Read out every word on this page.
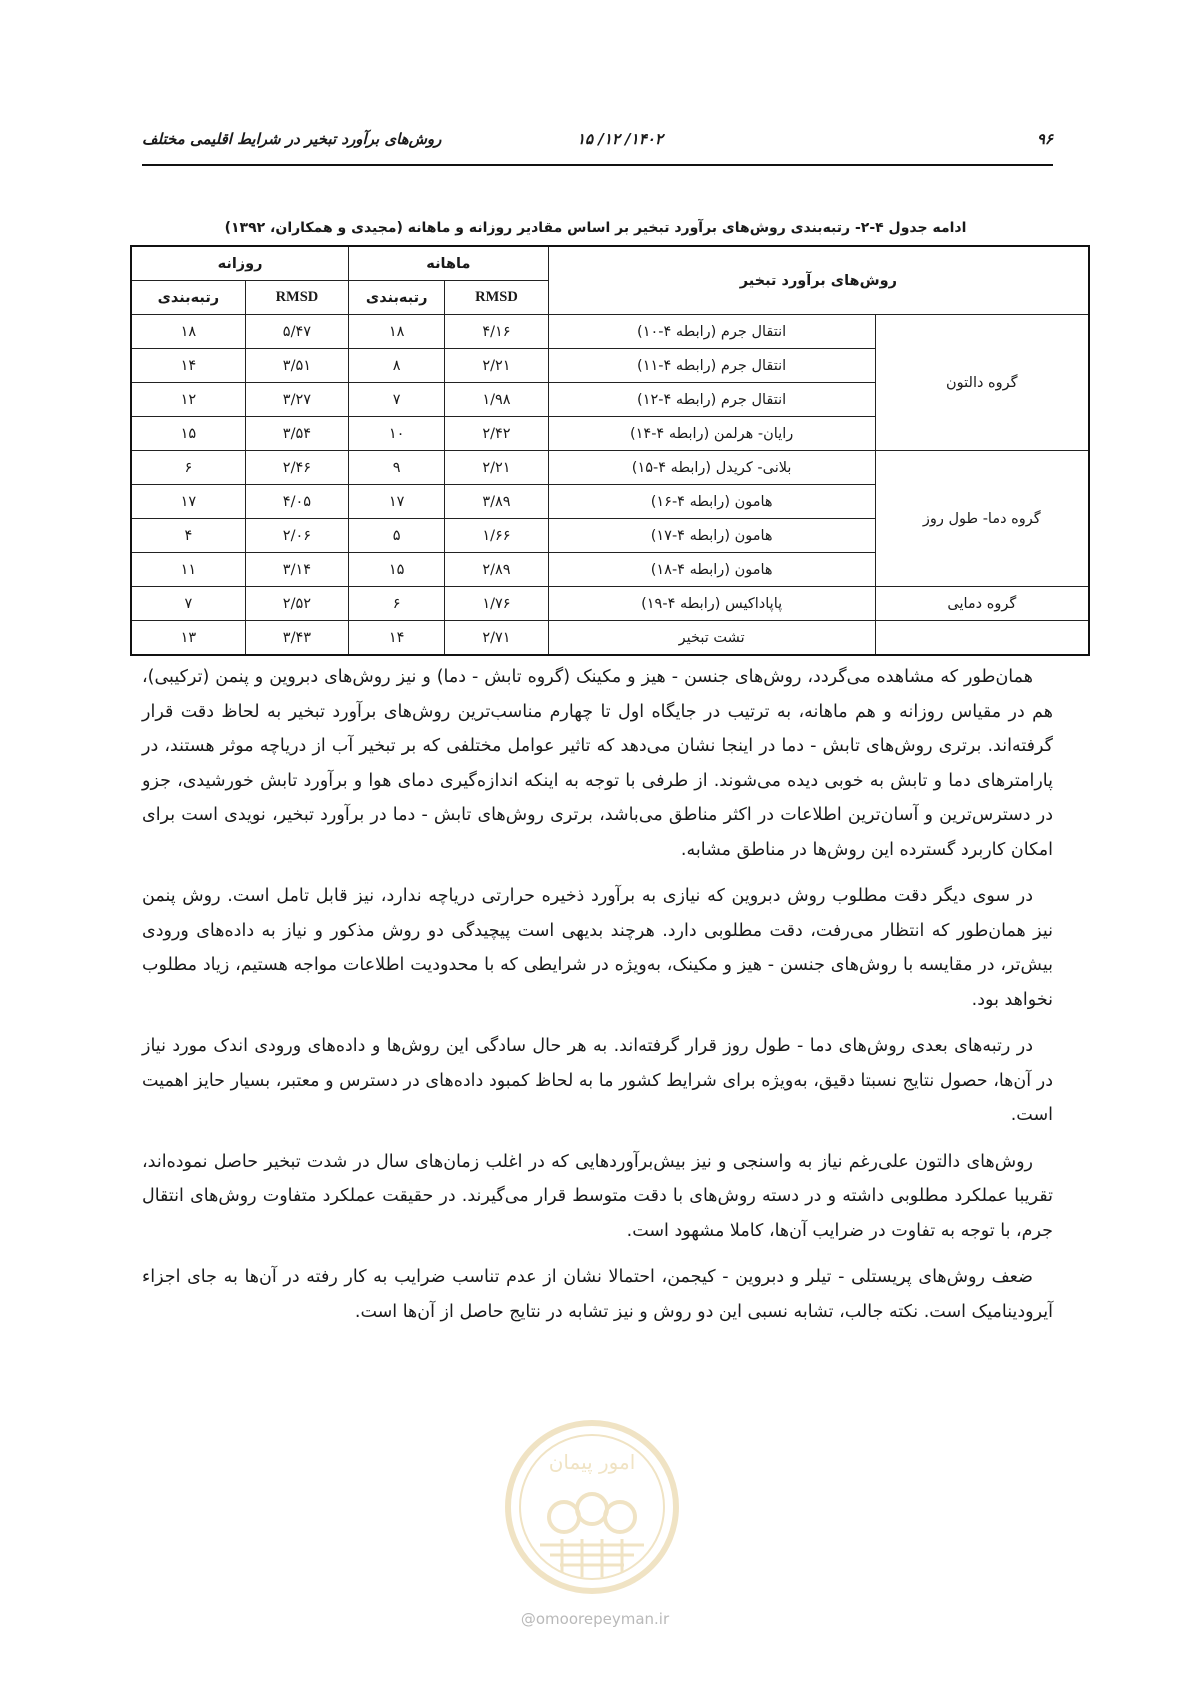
۹۶
۱۴۰۲/ ۱۲/ ۱۵
روش‌های برآورد تبخیر در شرایط اقلیمی مختلف
ادامه جدول ۴-۲- رتبه‌بندی روش‌های برآورد تبخیر بر اساس مقادیر روزانه و ماهانه (مجیدی و همکاران، ۱۳۹۲)
روش‌های برآورد تبخیر		ماهانه		روزانه	
		RMSD	رتبه‌بندی	RMSD	رتبه‌بندی
گروه دالتون	انتقال جرم (رابطه ۴-۱۰)	۴/۱۶	۱۸	۵/۴۷	۱۸
	انتقال جرم (رابطه ۴-۱۱)	۲/۲۱	۸	۳/۵۱	۱۴
	انتقال جرم (رابطه ۴-۱۲)	۱/۹۸	۷	۳/۲۷	۱۲
	رایان- هرلمن (رابطه ۴-۱۴)	۲/۴۲	۱۰	۳/۵۴	۱۵
گروه دما- طول روز	بلانی- کریدل (رابطه ۴-۱۵)	۲/۲۱	۹	۲/۴۶	۶
	هامون (رابطه ۴-۱۶)	۳/۸۹	۱۷	۴/۰۵	۱۷
	هامون (رابطه ۴-۱۷)	۱/۶۶	۵	۲/۰۶	۴
	هامون (رابطه ۴-۱۸)	۲/۸۹	۱۵	۳/۱۴	۱۱
گروه دمایی	پاپاداکیس (رابطه ۴-۱۹)	۱/۷۶	۶	۲/۵۲	۷
	تشت تبخیر	۲/۷۱	۱۴	۳/۴۳	۱۳

همان‌طور که مشاهده می‌گردد، روش‌های جنسن - هیز و مکینک (گروه تابش - دما) و نیز روش‌های دبروین و پنمن (ترکیبی)، هم در مقیاس روزانه و هم ماهانه، به ترتیب در جایگاه اول تا چهارم مناسب‌ترین روش‌های برآورد تبخیر به لحاظ دقت قرار گرفته‌اند. برتری روش‌های تابش - دما در اینجا نشان می‌دهد که تاثیر عوامل مختلفی که بر تبخیر آب از دریاچه موثر هستند، در پارامترهای دما و تابش به خوبی دیده می‌شوند. از طرفی با توجه به اینکه اندازه‌گیری دمای هوا و برآورد تابش خورشیدی، جزو در دسترس‌ترین و آسان‌ترین اطلاعات در اکثر مناطق می‌باشد، برتری روش‌های تابش - دما در برآورد تبخیر، نویدی است برای امکان کاربرد گسترده این روش‌ها در مناطق مشابه.

در سوی دیگر دقت مطلوب روش دبروین که نیازی به برآورد ذخیره حرارتی دریاچه ندارد، نیز قابل تامل است. روش پنمن نیز همان‌طور که انتظار می‌رفت، دقت مطلوبی دارد. هرچند بدیهی است پیچیدگی دو روش مذکور و نیاز به داده‌های ورودی بیش‌تر، در مقایسه با روش‌های جنسن - هیز و مکینک، به‌ویژه در شرایطی که با محدودیت اطلاعات مواجه هستیم، زیاد مطلوب نخواهد بود.

در رتبه‌های بعدی روش‌های دما - طول روز قرار گرفته‌اند. به هر حال سادگی این روش‌ها و داده‌های ورودی اندک مورد نیاز در آن‌ها، حصول نتایج نسبتا دقیق، به‌ویژه برای شرایط کشور ما به لحاظ کمبود داده‌های در دسترس و معتبر، بسیار حایز اهمیت است.

روش‌های دالتون علی‌رغم نیاز به واسنجی و نیز بیش‌برآوردهایی که در اغلب زمان‌های سال در شدت تبخیر حاصل نموده‌اند، تقریبا عملکرد مطلوبی داشته و در دسته روش‌های با دقت متوسط قرار می‌گیرند. در حقیقت عملکرد متفاوت روش‌های انتقال جرم، با توجه به تفاوت در ضرایب آن‌ها، کاملا مشهود است.

ضعف روش‌های پریستلی - تیلر و دبروین - کیجمن، احتمالا نشان از عدم تناسب ضرایب به کار رفته در آن‌ها به جای اجزاء آیرودینامیک است. نکته جالب، تشابه نسبی این دو روش و نیز تشابه در نتایج حاصل از آن‌ها است.

امور پیمان
@omoorepeyman.ir
